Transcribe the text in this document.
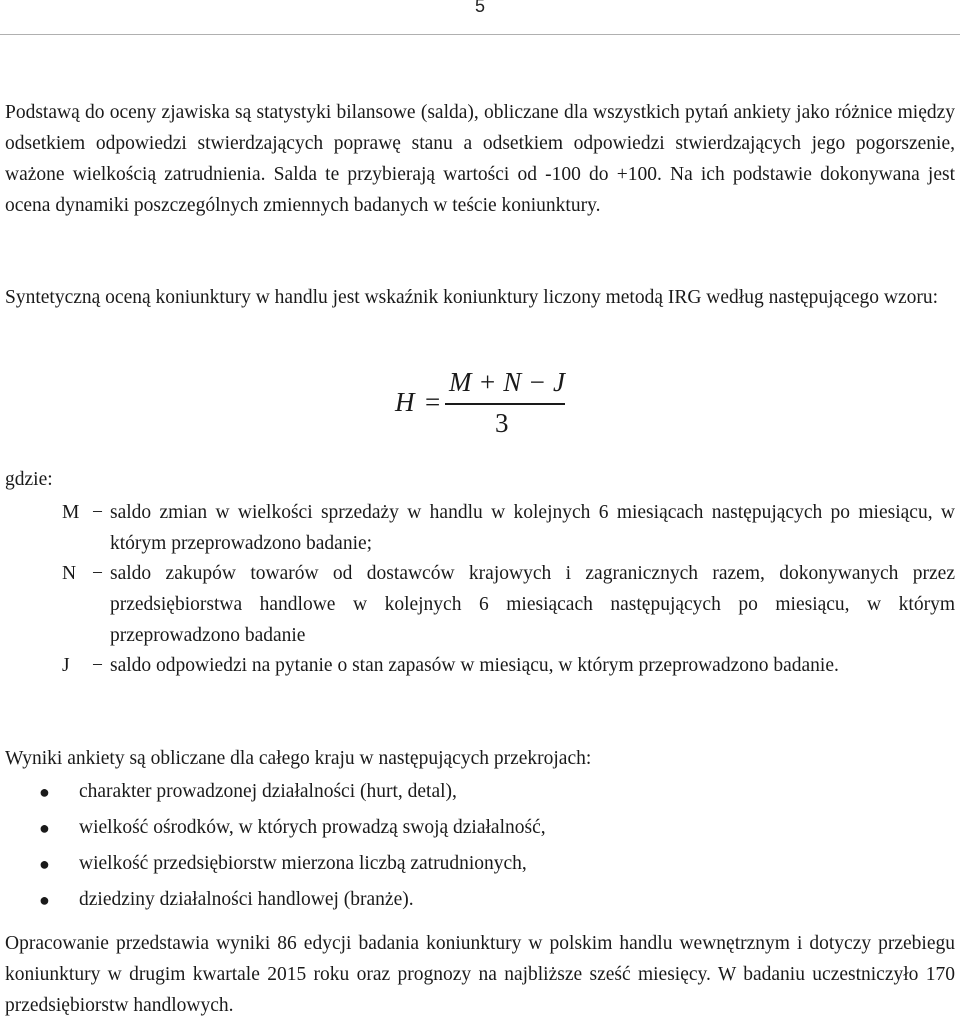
5

Podstawą do oceny zjawiska są statystyki bilansowe (salda), obliczane dla wszystkich pytań ankiety jako różnice między odsetkiem odpowiedzi stwierdzających poprawę stanu a odsetkiem odpowiedzi stwierdzających jego pogorszenie, ważone wielkością zatrudnienia. Salda te przybierają wartości od -100 do +100. Na ich podstawie dokonywana jest ocena dynamiki poszczególnych zmiennych badanych w teście koniunktury.

Syntetyczną oceną koniunktury w handlu jest wskaźnik koniunktury liczony metodą IRG według następującego wzoru:

H =
M + N − J
3
gdzie:
M − saldo zmian w wielkości sprzedaży w handlu w kolejnych 6 miesiącach następujących po miesiącu, w którym przeprowadzono badanie;

N − saldo zakupów towarów od dostawców krajowych i zagranicznych razem, dokonywanych przez przedsiębiorstwa handlowe w kolejnych 6 miesiącach następujących po miesiącu, w którym przeprowadzono badanie

J	− saldo odpowiedzi na pytanie o stan zapasów w miesiącu, w którym przeprowadzono badanie.

Wyniki ankiety są obliczane dla całego kraju w następujących przekrojach:
● charakter prowadzonej działalności (hurt, detal),
● wielkość ośrodków, w których prowadzą swoją działalność,
● wielkość przedsiębiorstw mierzona liczbą zatrudnionych,
● dziedziny działalności handlowej (branże).

Opracowanie przedstawia wyniki 86 edycji badania koniunktury w polskim handlu wewnętrznym i dotyczy przebiegu koniunktury w drugim kwartale 2015 roku oraz prognozy na najbliższe sześć miesięcy. W badaniu uczestniczyło 170 przedsiębiorstw handlowych.
